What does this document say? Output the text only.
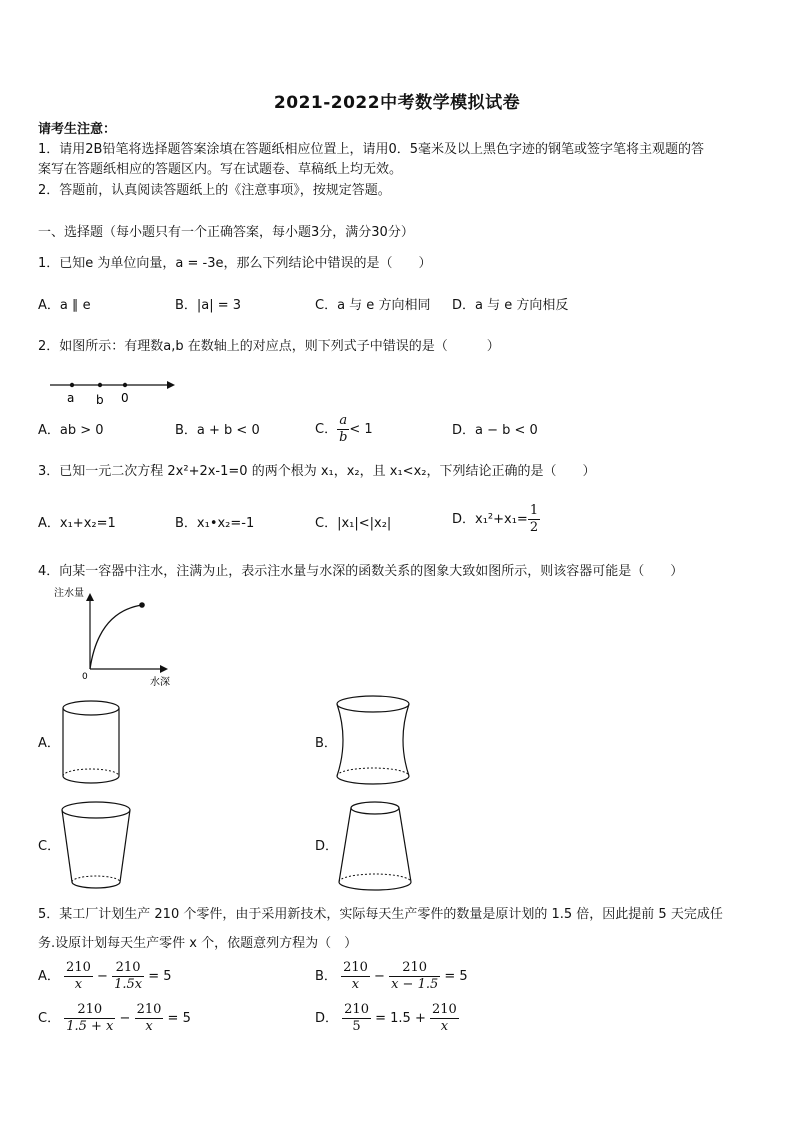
2021-2022中考数学模拟试卷
请考生注意：
1．请用2B铅笔将选择题答案涂填在答题纸相应位置上，请用0．5毫米及以上黑色字迹的钢笔或签字笔将主观题的答
案写在答题纸相应的答题区内。写在试题卷、草稿纸上均无效。
2．答题前，认真阅读答题纸上的《注意事项》，按规定答题。
一、选择题（每小题只有一个正确答案，每小题3分，满分30分）
1．已知e 为单位向量，a = -3e，那么下列结论中错误的是（　　）
A．a ∥ e	B．|a| = 3	C．a 与 e 方向相同 D．a 与 e 方向相反
2．如图所示：有理数a,b 在数轴上的对应点，则下列式子中错误的是（　　　）
a b 0
A．ab > 0	B．a + b < 0	C． $\frac{a}{b} < 1$	D．a − b < 0
3．已知一元二次方程 2x²+2x-1=0 的两个根为 x₁，x₂，且 x₁<x₂，下列结论正确的是（　　）
A．x₁+x₂=1	B．x₁•x₂=-1	C．|x₁|<|x₂|	D．$x_1^2+x_1= \frac{1}{2}$
4．向某一容器中注水，注满为止，表示注水量与水深的函数关系的图象大致如图所示，则该容器可能是（　　）
注水量
水深
0
A．	B．
C．	D．
5．某工厂计划生产 210 个零件，由于采用新技术，实际每天生产零件的数量是原计划的 1.5 倍，因此提前 5 天完成任
务.设原计划每天生产零件 x 个，依题意列方程为（　）
A． $\frac{210}{x} - \frac{210}{1.5x} = 5$	B． $\frac{210}{x} - \frac{210}{x - 1.5} = 5$
C． $\frac{210}{1.5 + x} - \frac{210}{x} = 5$	D． $\frac{210}{5} = 1.5 + \frac{210}{x}$
